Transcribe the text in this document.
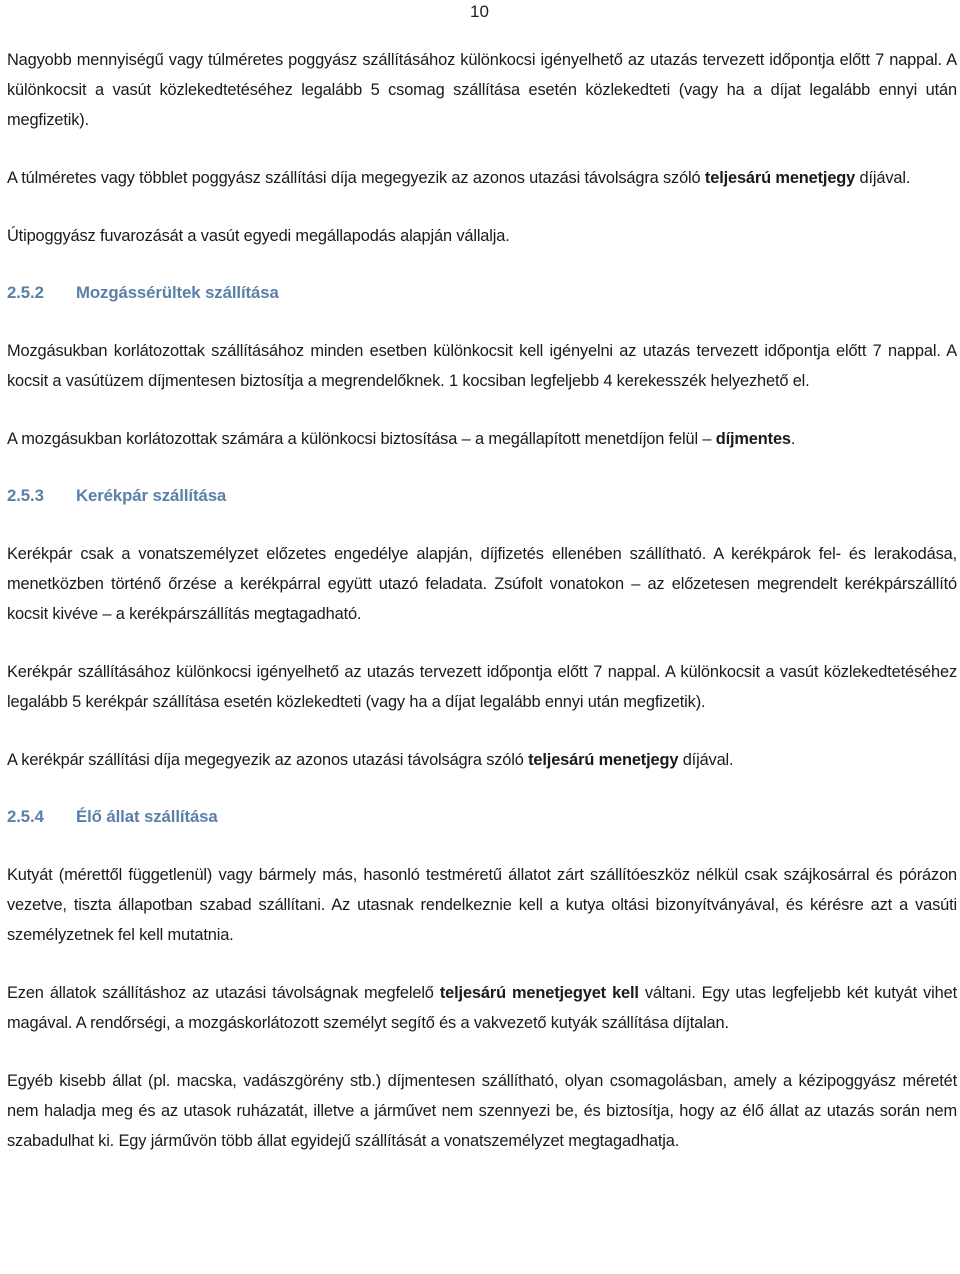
10

Nagyobb mennyiségű vagy túlméretes poggyász szállításához különkocsi igényelhető az utazás tervezett időpontja előtt 7 nappal. A különkocsit a vasút közlekedtetéséhez legalább 5 csomag szállítása esetén közlekedteti (vagy ha a díjat legalább ennyi után megfizetik).

A túlméretes vagy többlet poggyász szállítási díja megegyezik az azonos utazási távolságra szóló teljesárú menetjegy díjával.

Útipoggyász fuvarozását a vasút egyedi megállapodás alapján vállalja.

2.5.2 Mozgássérültek szállítása

Mozgásukban korlátozottak szállításához minden esetben különkocsit kell igényelni az utazás tervezett időpontja előtt 7 nappal. A kocsit a vasútüzem díjmentesen biztosítja a megrendelőknek. 1 kocsiban legfeljebb 4 kerekesszék helyezhető el.

A mozgásukban korlátozottak számára a különkocsi biztosítása – a megállapított menetdíjon felül – díjmentes.

2.5.3 Kerékpár szállítása

Kerékpár csak a vonatszemélyzet előzetes engedélye alapján, díjfizetés ellenében szállítható. A kerékpárok fel- és lerakodása, menetközben történő őrzése a kerékpárral együtt utazó feladata. Zsúfolt vonatokon – az előzetesen megrendelt kerékpárszállító kocsit kivéve – a kerékpárszállítás megtagadható.

Kerékpár szállításához különkocsi igényelhető az utazás tervezett időpontja előtt 7 nappal. A különkocsit a vasút közlekedtetéséhez legalább 5 kerékpár szállítása esetén közlekedteti (vagy ha a díjat legalább ennyi után megfizetik).

A kerékpár szállítási díja megegyezik az azonos utazási távolságra szóló teljesárú menetjegy díjával.

2.5.4 Élő állat szállítása

Kutyát (mérettől függetlenül) vagy bármely más, hasonló testméretű állatot zárt szállítóeszköz nélkül csak szájkosárral és pórázon vezetve, tiszta állapotban szabad szállítani. Az utasnak rendelkeznie kell a kutya oltási bizonyítványával, és kérésre azt a vasúti személyzetnek fel kell mutatnia.

Ezen állatok szállításhoz az utazási távolságnak megfelelő teljesárú menetjegyet kell váltani. Egy utas legfeljebb két kutyát vihet magával. A rendőrségi, a mozgáskorlátozott személyt segítő és a vakvezető kutyák szállítása díjtalan.

Egyéb kisebb állat (pl. macska, vadászgörény stb.) díjmentesen szállítható, olyan csomagolásban, amely a kézipoggyász méretét nem haladja meg és az utasok ruházatát, illetve a járművet nem szennyezi be, és biztosítja, hogy az élő állat az utazás során nem szabadulhat ki. Egy járművön több állat egyidejű szállítását a vonatszemélyzet megtagadhatja.
